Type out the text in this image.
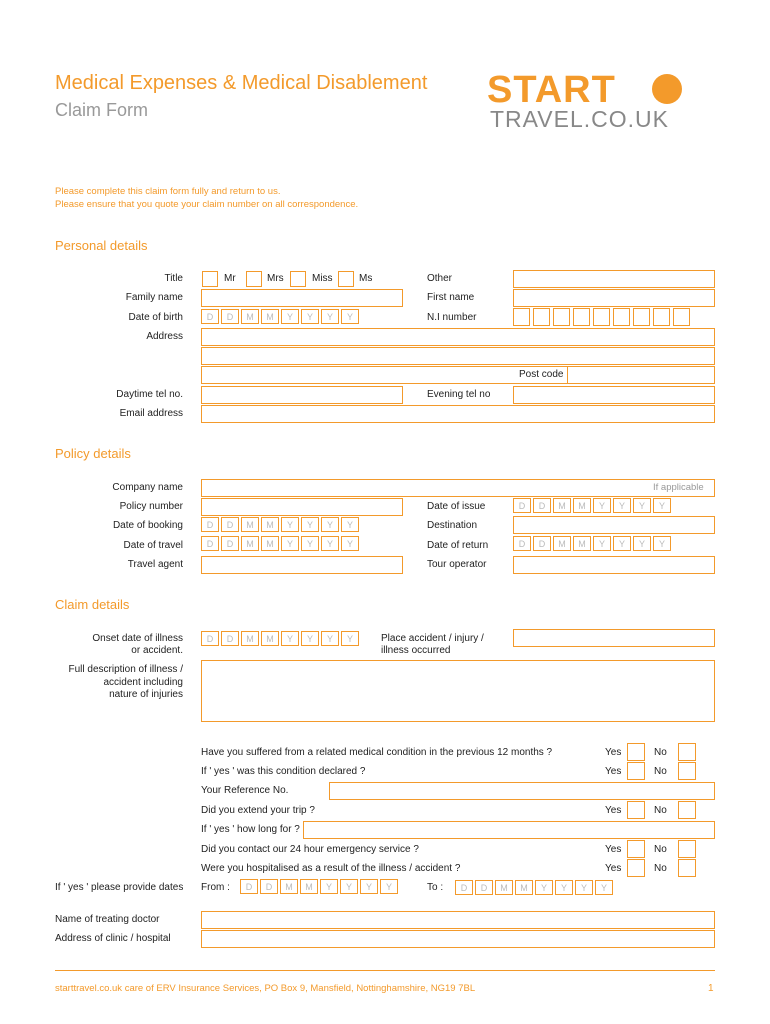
Medical Expenses & Medical Disablement
Claim Form	START
TRAVEL.CO.UK
Please complete this claim form fully and return to us.
Please ensure that you quote your claim number on all correspondence.
Personal details
Title	Mr	Mrs	Miss	Ms	Other
Family name	First name
Date of birth	D	D	M	M	Y	Y	Y	Y	N.I number
Address
Post code
Daytime tel no.	Evening tel no
Email address
Policy details
Company name	If applicable
Policy number	Date of issue	D	D	M	M	Y	Y	Y	Y
Date of booking	D	D	M	M	Y	Y	Y	Y	Destination
Date of travel	D	D	M	M	Y	Y	Y	Y	Date of return	D	D	M	M	Y	Y	Y	Y
Travel agent	Tour operator
Claim details
Onset date of illness
or accident.
D	D	M	M	Y	Y	Y	Y	Place accident / injury /
illness occurred
Full description of illness /
accident including
nature of injuries
Have you suffered from a related medical condition in the previous 12 months ?	Yes	No
If ' yes ' was this condition declared ?	Yes	No
Your Reference No.
Did you extend your trip ?	Yes	No
If ' yes ' how long for ?
Did you contact our 24 hour emergency service ?	Yes	No
Were you hospitalised as a result of the illness / accident ?	Yes	No
If ' yes ' please provide dates From :	D	D	M	M	Y	Y	Y	Y	To :	D	D	M	M	Y	Y	Y	Y
Name of treating doctor
Address of clinic / hospital
starttravel.co.uk care of ERV Insurance Services, PO Box 9, Mansfield, Nottinghamshire, NG19 7BL	1
